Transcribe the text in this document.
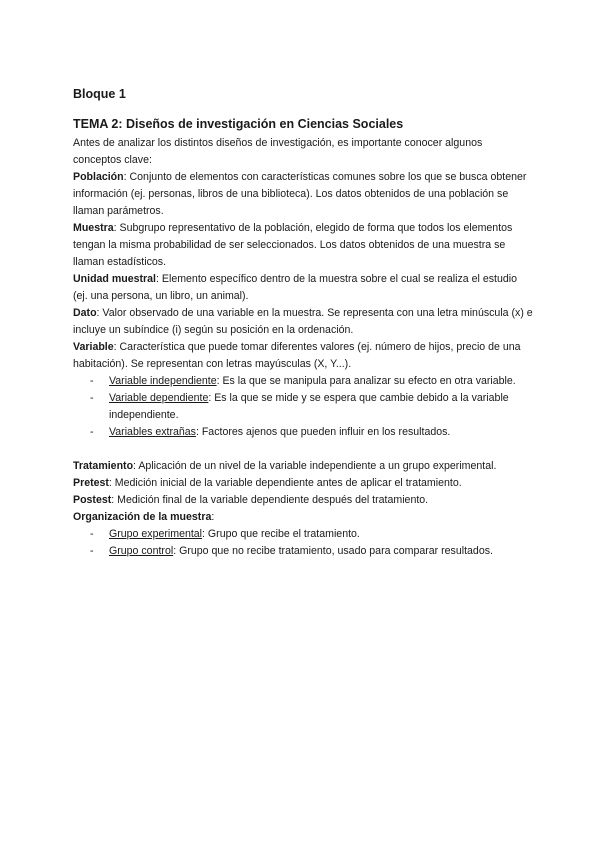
Bloque 1
TEMA 2: Diseños de investigación en Ciencias Sociales

Antes de analizar los distintos diseños de investigación, es importante conocer algunos conceptos clave:

Población: Conjunto de elementos con características comunes sobre los que se busca obtener información (ej. personas, libros de una biblioteca). Los datos obtenidos de una población se llaman parámetros.

Muestra: Subgrupo representativo de la población, elegido de forma que todos los elementos tengan la misma probabilidad de ser seleccionados. Los datos obtenidos de una muestra se llaman estadísticos.

Unidad muestral: Elemento específico dentro de la muestra sobre el cual se realiza el estudio (ej. una persona, un libro, un animal).

Dato: Valor observado de una variable en la muestra. Se representa con una letra minúscula (x) e incluye un subíndice (i) según su posición en la ordenación.

Variable: Característica que puede tomar diferentes valores (ej. número de hijos, precio de una habitación). Se representan con letras mayúsculas (X, Y...).

- Variable independiente: Es la que se manipula para analizar su efecto en otra variable.
- Variable dependiente: Es la que se mide y se espera que cambie debido a la variable independiente.
- Variables extrañas: Factores ajenos que pueden influir en los resultados.

Tratamiento: Aplicación de un nivel de la variable independiente a un grupo experimental.

Pretest: Medición inicial de la variable dependiente antes de aplicar el tratamiento.

Postest: Medición final de la variable dependiente después del tratamiento.

Organización de la muestra:

- Grupo experimental: Grupo que recibe el tratamiento.
- Grupo control: Grupo que no recibe tratamiento, usado para comparar resultados.
